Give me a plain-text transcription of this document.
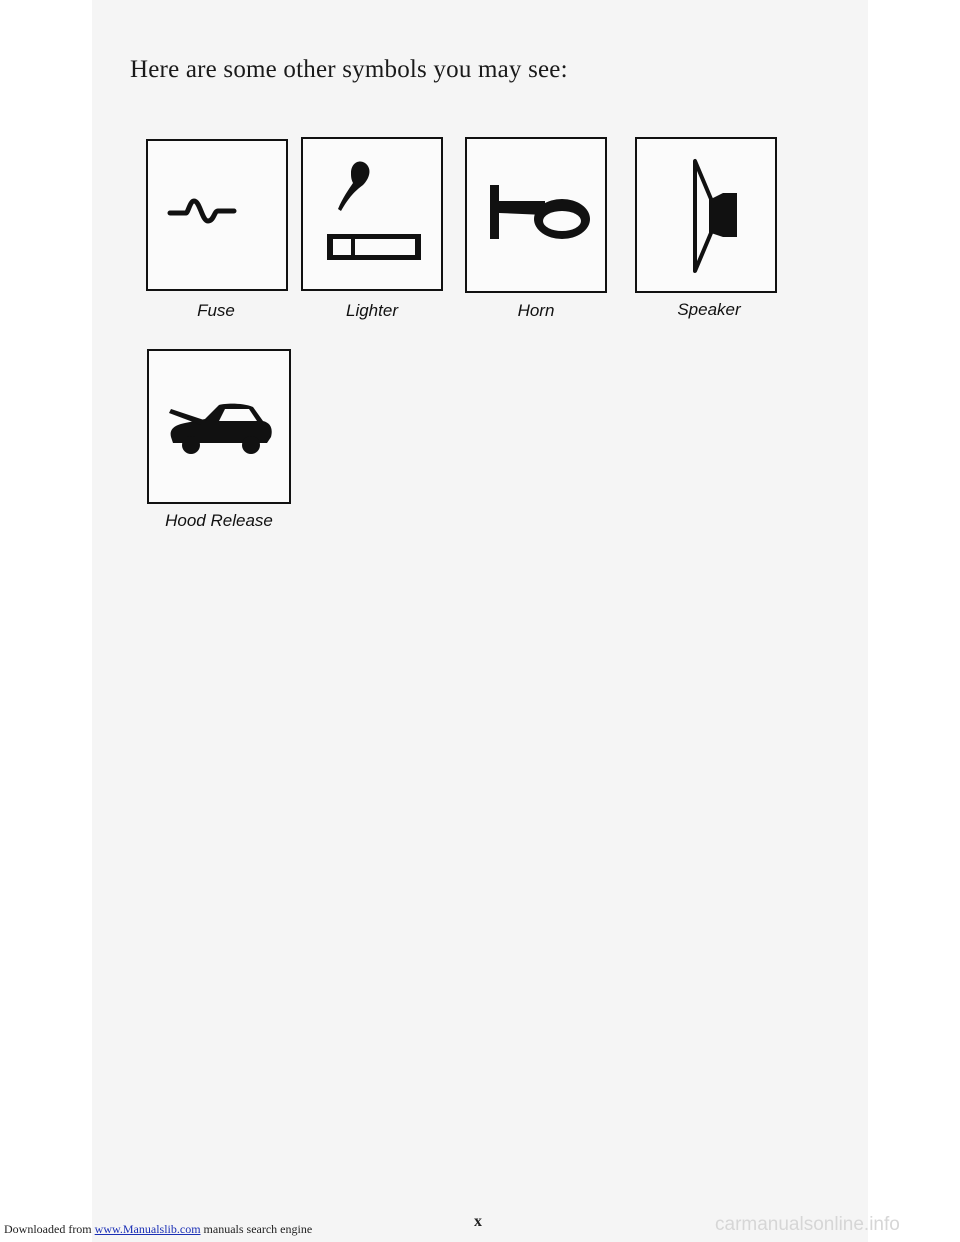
Here are some other symbols you may see:
Fuse	Lighter	Horn	Speaker
Hood Release
x
Downloaded from www.Manualslib.com manuals search engine	carmanualsonline.info
